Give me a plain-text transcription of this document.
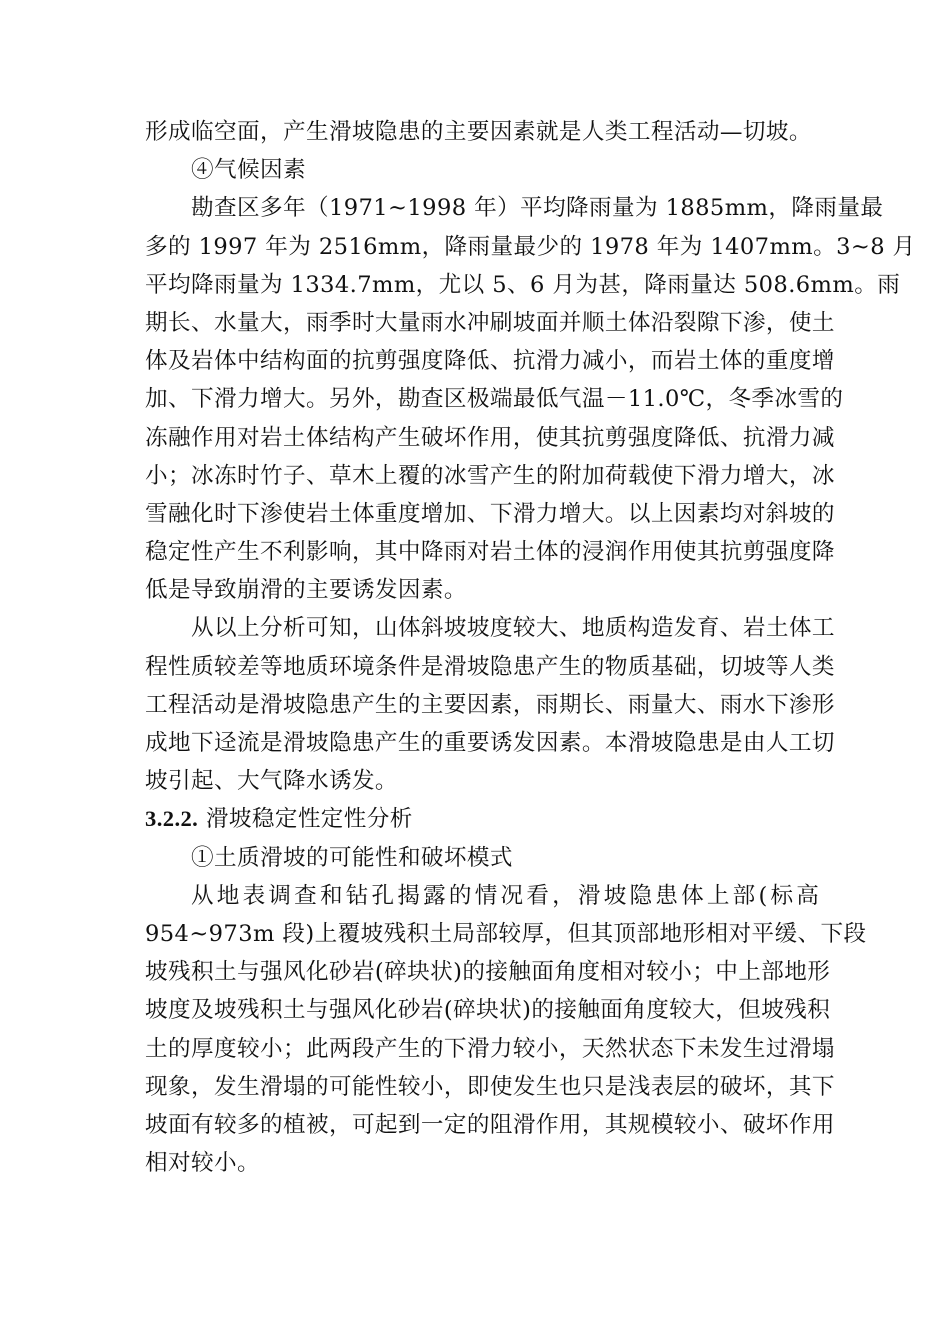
形成临空面，产生滑坡隐患的主要因素就是人类工程活动—切坡。
④气候因素
勘查区多年（1971~1998 年）平均降雨量为 1885mm，降雨量最
多的 1997 年为 2516mm，降雨量最少的 1978 年为 1407mm。3~8 月
平均降雨量为 1334.7mm，尤以 5、6 月为甚，降雨量达 508.6mm。雨
期长、水量大，雨季时大量雨水冲刷坡面并顺土体沿裂隙下渗，使土
体及岩体中结构面的抗剪强度降低、抗滑力减小，而岩土体的重度增
加、下滑力增大。另外，勘查区极端最低气温－11.0℃，冬季冰雪的
冻融作用对岩土体结构产生破坏作用，使其抗剪强度降低、抗滑力减
小；冰冻时竹子、草木上覆的冰雪产生的附加荷载使下滑力增大，冰
雪融化时下渗使岩土体重度增加、下滑力增大。以上因素均对斜坡的
稳定性产生不利影响，其中降雨对岩土体的浸润作用使其抗剪强度降
低是导致崩滑的主要诱发因素。
从以上分析可知，山体斜坡坡度较大、地质构造发育、岩土体工
程性质较差等地质环境条件是滑坡隐患产生的物质基础，切坡等人类
工程活动是滑坡隐患产生的主要因素，雨期长、雨量大、雨水下渗形
成地下迳流是滑坡隐患产生的重要诱发因素。本滑坡隐患是由人工切
坡引起、大气降水诱发。
3.2.2. 滑坡稳定性定性分析
①土质滑坡的可能性和破坏模式
从地表调查和钻孔揭露的情况看，滑坡隐患体上部(标高
954~973m 段)上覆坡残积土局部较厚，但其顶部地形相对平缓、下段
坡残积土与强风化砂岩(碎块状)的接触面角度相对较小；中上部地形
坡度及坡残积土与强风化砂岩(碎块状)的接触面角度较大，但坡残积
土的厚度较小；此两段产生的下滑力较小，天然状态下未发生过滑塌
现象，发生滑塌的可能性较小，即使发生也只是浅表层的破坏，其下
坡面有较多的植被，可起到一定的阻滑作用，其规模较小、破坏作用
相对较小。
